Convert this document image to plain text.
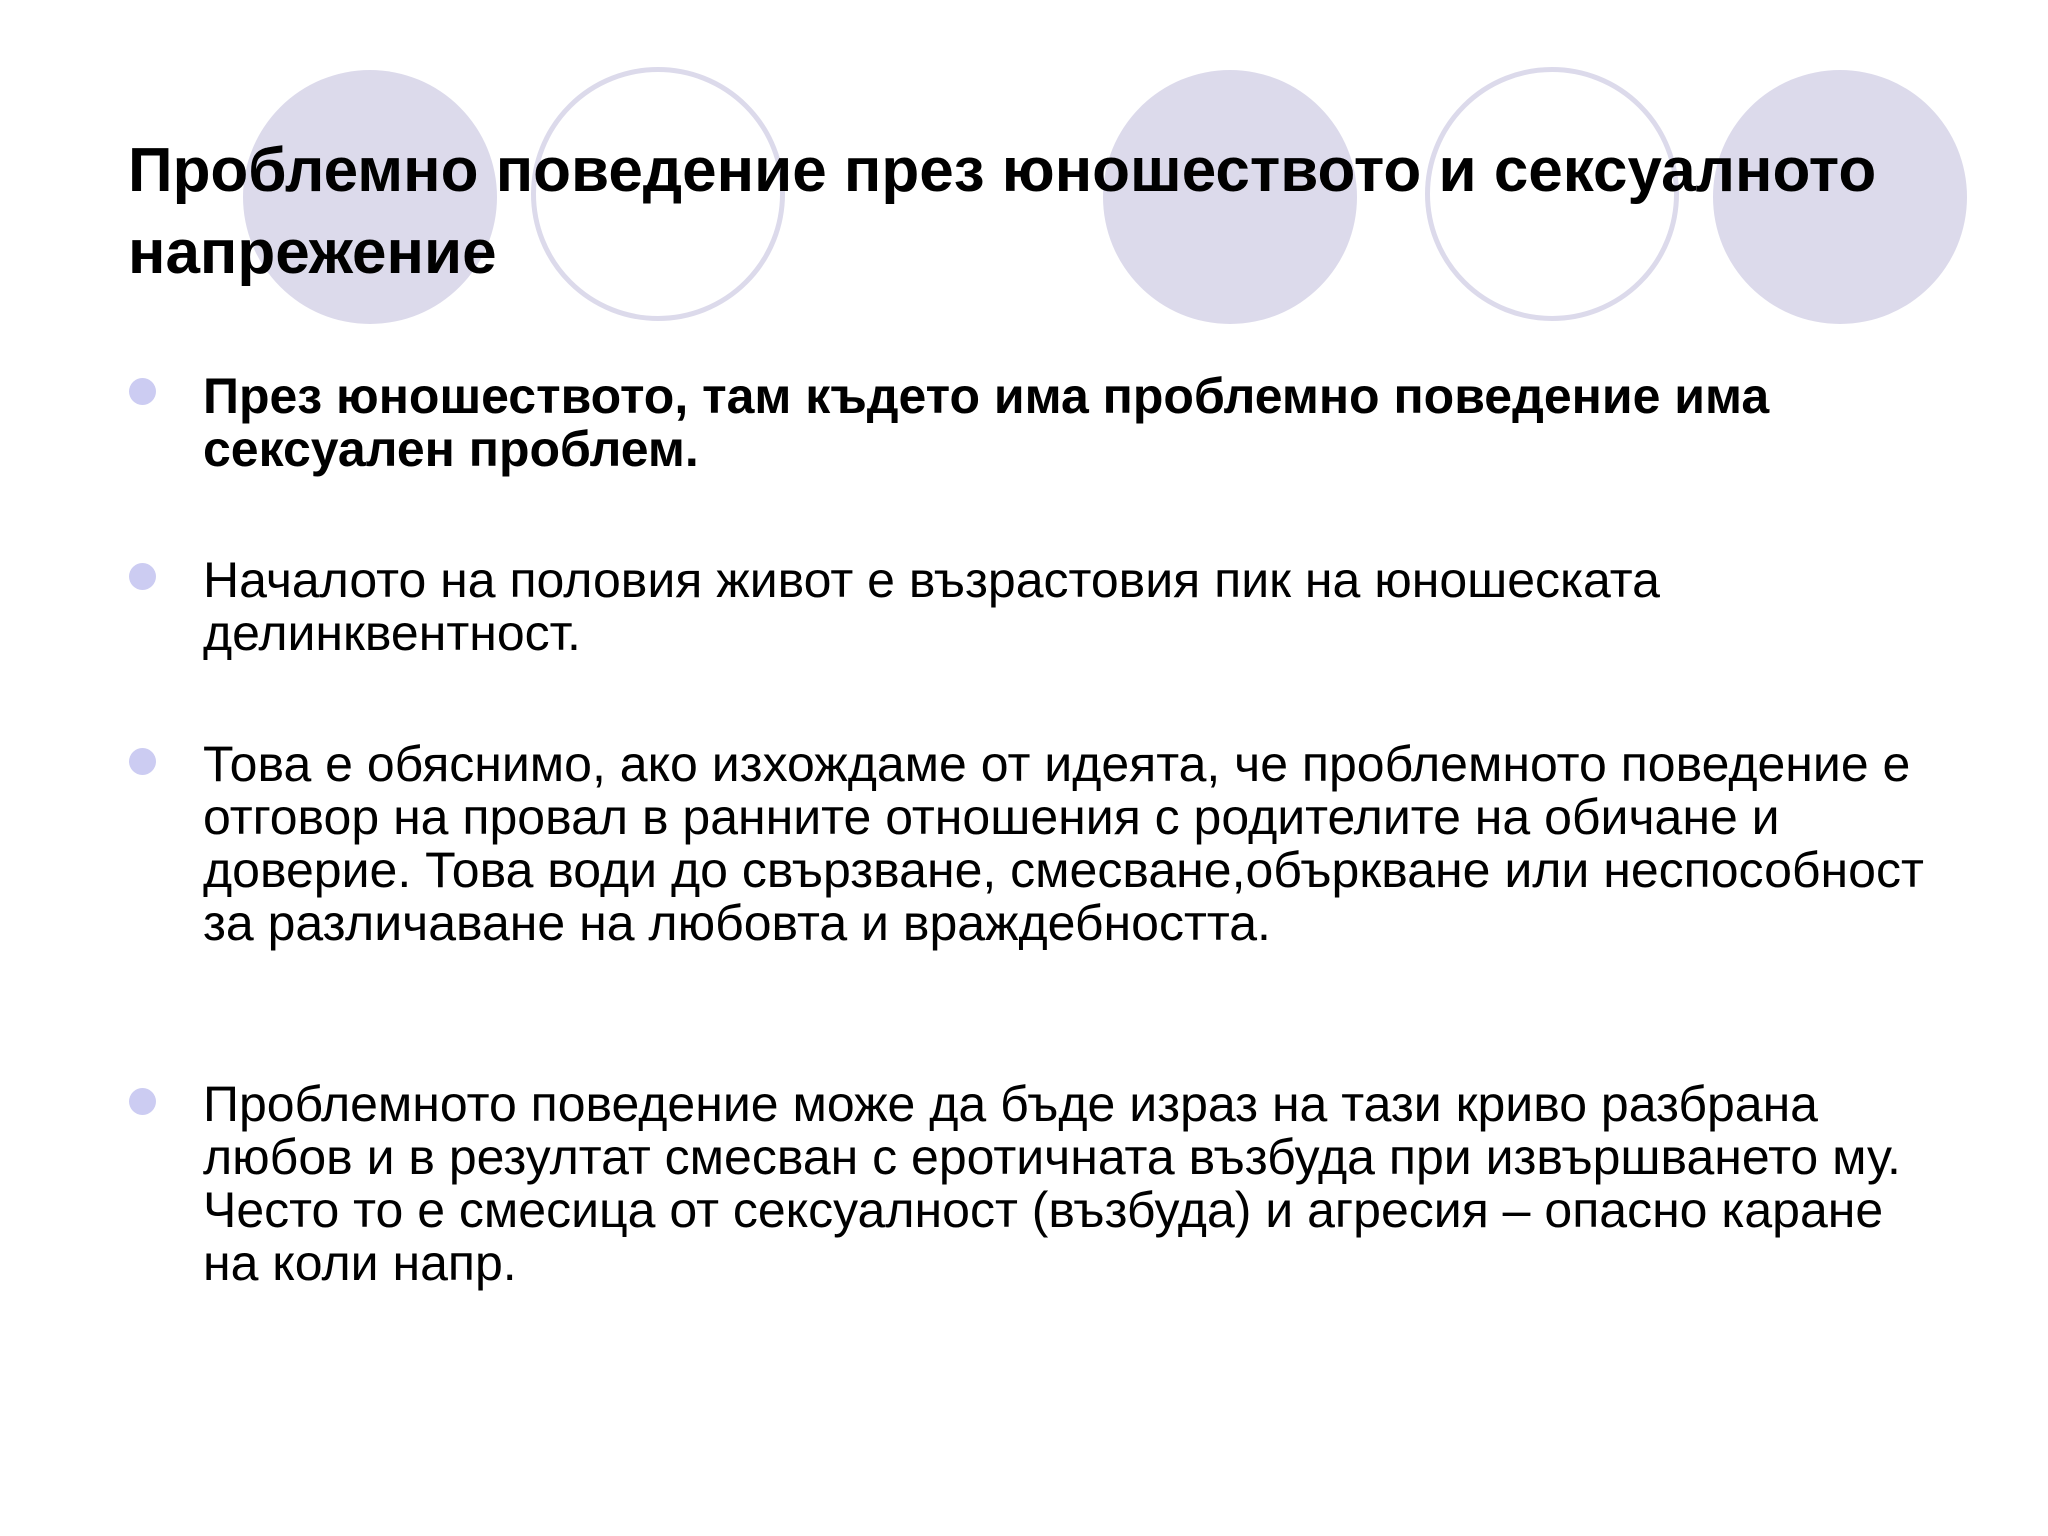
Проблемно поведение през юношеството и сексуалното напрежение
През юношеството, там където има проблемно поведение има сексуален проблем.
Началото на половия живот е възрастовия пик на юношеската делинквентност.
Това е обяснимо, ако изхождаме от идеята, че проблемното поведение е отговор на провал в ранните отношения с родителите на обичане и доверие. Това води до свързване, смесване,объркване или неспособност за различаване на любовта и враждебността.
Проблемното поведение може да бъде израз на тази криво разбрана любов и в резултат смесван с еротичната възбуда при извършването му. Често то е смесица от сексуалност (възбуда) и агресия – опасно каране на коли напр.
